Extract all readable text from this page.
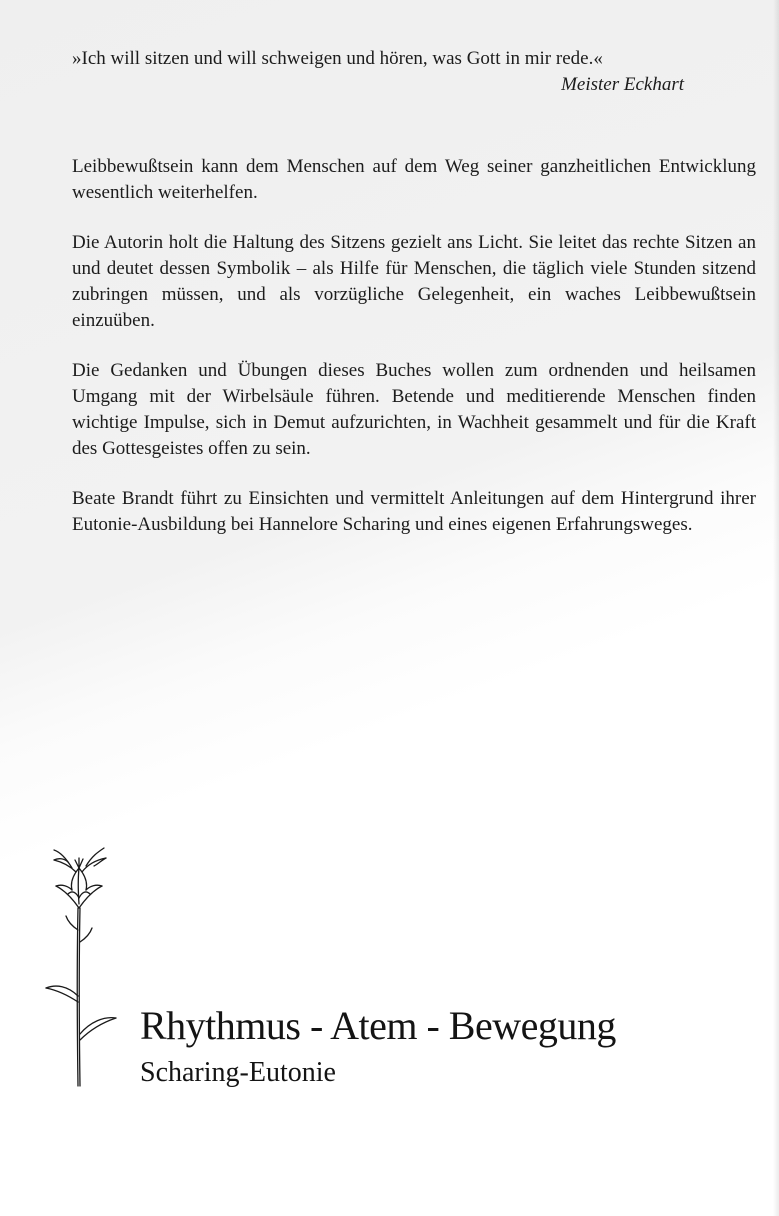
»Ich will sitzen und will schweigen und hören, was Gott in mir rede.«
Meister Eckhart

Leibbewußtsein kann dem Menschen auf dem Weg seiner ganzheitlichen Entwicklung wesentlich weiterhelfen.

Die Autorin holt die Haltung des Sitzens gezielt ans Licht. Sie leitet das rechte Sitzen an und deutet dessen Symbolik – als Hilfe für Menschen, die täglich viele Stunden sitzend zubringen müssen, und als vorzügliche Gelegenheit, ein waches Leibbewußtsein einzuüben.

Die Gedanken und Übungen dieses Buches wollen zum ordnenden und heilsamen Umgang mit der Wirbelsäule führen. Betende und meditierende Menschen finden wichtige Impulse, sich in Demut aufzurichten, in Wachheit gesammelt und für die Kraft des Gottesgeistes offen zu sein.

Beate Brandt führt zu Einsichten und vermittelt Anleitungen auf dem Hintergrund ihrer Eutonie-Ausbildung bei Hannelore Scharing und eines eigenen Erfahrungsweges.

Rhythmus - Atem - Bewegung
Scharing-Eutonie
